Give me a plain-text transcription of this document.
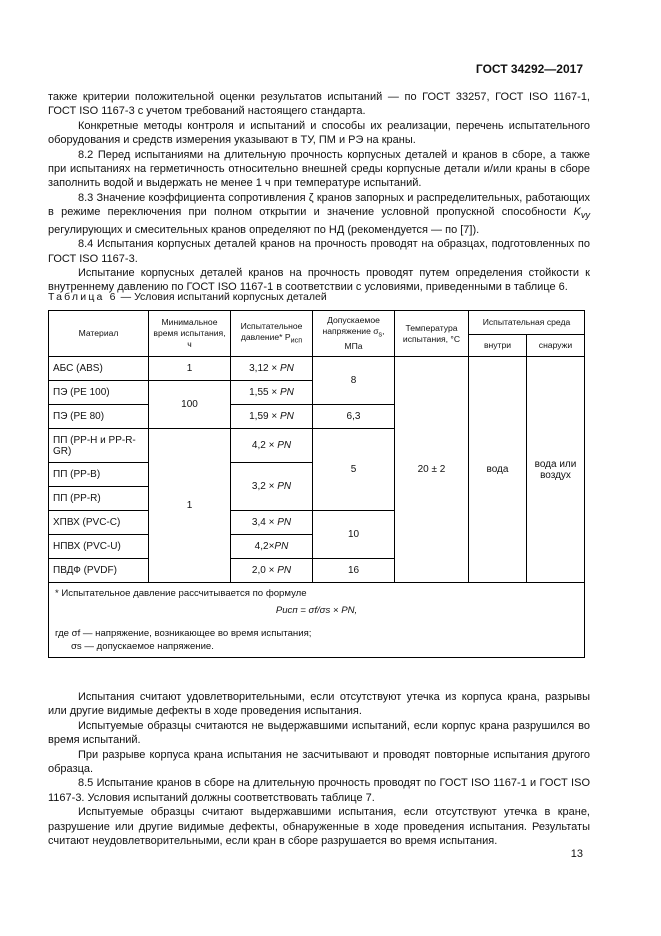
ГОСТ 34292—2017

также критерии положительной оценки результатов испытаний — по ГОСТ 33257, ГОСТ ISO 1167-1, ГОСТ ISO 1167-3 с учетом требований настоящего стандарта.

Конкретные методы контроля и испытаний и способы их реализации, перечень испытательного оборудования и средств измерения указывают в ТУ, ПМ и РЭ на краны.

8.2 Перед испытаниями на длительную прочность корпусных деталей и кранов в сборе, а также при испытаниях на герметичность относительно внешней среды корпусные детали и/или краны в сборе заполнить водой и выдержать не менее 1 ч при температуре испытаний.

8.3 Значение коэффициента сопротивления ζ кранов запорных и распределительных, работающих в режиме переключения при полном открытии и значение условной пропускной способности $K_{vy}$ регулирующих и смесительных кранов определяют по НД (рекомендуется — по [7]).

8.4 Испытания корпусных деталей кранов на прочность проводят на образцах, подготовленных по ГОСТ ISO 1167-3.

Испытание корпусных деталей кранов на прочность проводят путем определения стойкости к внутреннему давлению по ГОСТ ISO 1167-1 в соответствии с условиями, приведенными в таблице 6.

Таблица 6 — Условия испытаний корпусных деталей
Материал	Минимальное время испытания, ч	Испытательное давление* $P_{исп}$	Допускаемое напряжение $\sigma_s$, МПа	Температура испытания, °С	Испытательная среда	
					внутри	снаружи
АБС (ABS)	1	3,12 × PN	8	20 ± 2	вода	вода или воздух
ПЭ (PE 100)	100	1,55 × PN				
ПЭ (PE 80)		1,59 × PN	6,3			
ПП (PP-H и PP-R-GR)	1	4,2 × PN	5			
ПП (PP-B)		3,2 × PN				
ПП (PP-R)						
ХПВХ (PVC-C)		3,4 × PN	10			
НПВХ (PVC-U)		4,2×PN				
ПВДФ (PVDF)		2,0 × PN	16			

* Испытательное давление рассчитывается по формуле
Pисп = σf/σs × PN,
где σf — напряжение, возникающее во время испытания;
σs — допускаемое напряжение.						

Испытания считают удовлетворительными, если отсутствуют утечка из корпуса крана, разрывы или другие видимые дефекты в ходе проведения испытания.

Испытуемые образцы считаются не выдержавшими испытаний, если корпус крана разрушился во время испытаний.

При разрыве корпуса крана испытания не засчитывают и проводят повторные испытания другого образца.

8.5 Испытание кранов в сборе на длительную прочность проводят по ГОСТ ISO 1167-1 и ГОСТ ISO 1167-3. Условия испытаний должны соответствовать таблице 7.

Испытуемые образцы считают выдержавшими испытания, если отсутствуют утечка в кране, разрушение или другие видимые дефекты, обнаруженные в ходе проведения испытания. Результаты считают неудовлетворительными, если кран в сборе разрушается во время испытания.

13
